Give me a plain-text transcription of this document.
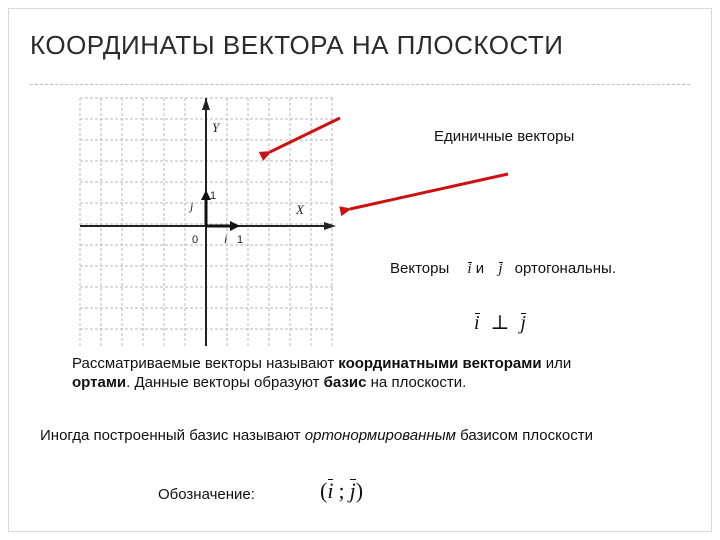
КООРДИНАТЫ ВЕКТОРА НА ПЛОСКОСТИ
Y
X
0	1
1
i
j
Единичные векторы
Векторы i и j ортогональны.
i ⊥ j
Рассматриваемые векторы называют координатными векторами или ортами. Данные векторы образуют базис на плоскости.
Иногда построенный базис называют ортонормированным базисом плоскости
Обозначение:	(i ; j)
